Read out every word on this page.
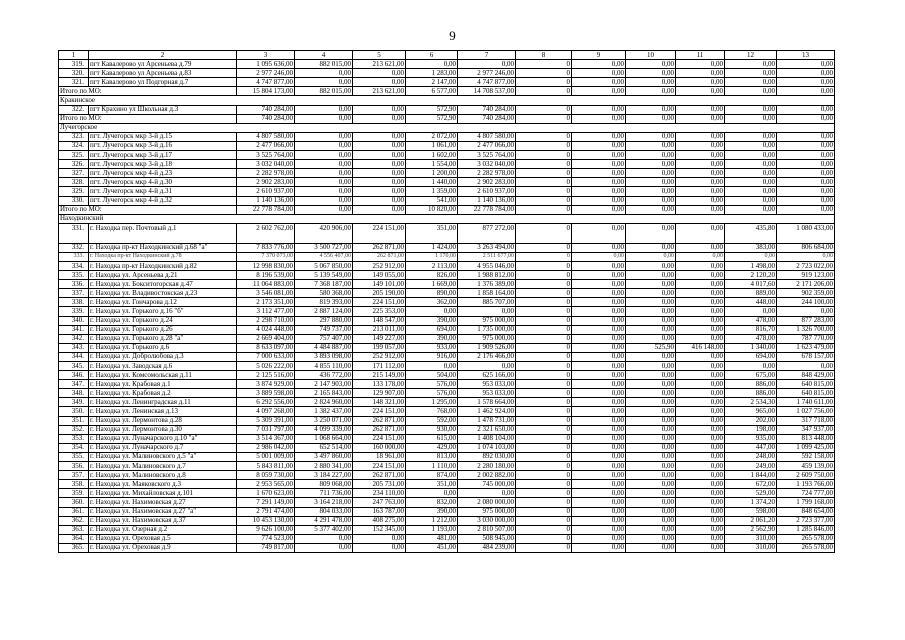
9
1	2	3	4	5	6	7	8	9	10	11	12	13
319.	пгт Кавалерово ул Арсеньева д.79	1 095 636,00	882 015,00	213 621,00	0,00	0,00	0	0,00	0,00	0,00	0,00	0,00
320.	пгт Кавалерово ул Арсеньева д.83	2 977 246,00	0,00	0,00	1 283,00	2 977 246,00	0	0,00	0,00	0,00	0,00	0,00
321.	пгт Кавалерово ул Подгорная д.7	4 747 877,00	0,00	0,00	2 147,00	4 747 877,00	0	0,00	0,00	0,00	0,00	0,00
Итого по МО:		15 804 173,00	882 015,00	213 621,00	6 577,00	14 708 537,00	0	0,00	0,00	0,00	0,00	0,00
Кракинское												
322.	пгт Крахино ул Школьная д.3	740 284,00	0,00	0,00	572,90	740 284,00	0	0,00	0,00	0,00	0,00	0,00
Итого по МО:		740 284,00	0,00	0,00	572,90	740 284,00	0	0,00	0,00	0,00	0,00	0,00
Лучегорское												
323.	пгт. Лучегорск мкр 3-й д.15	4 807 580,00	0,00	0,00	2 072,00	4 807 580,00	0	0,00	0,00	0,00	0,00	0,00
324.	пгт. Лучегорск мкр 3-й д.16	2 477 066,00	0,00	0,00	1 061,00	2 477 066,00	0	0,00	0,00	0,00	0,00	0,00
325.	пгт. Лучегорск мкр 3-й д.17	3 525 764,00	0,00	0,00	1 602,00	3 525 764,00	0	0,00	0,00	0,00	0,00	0,00
326.	пгт. Лучегорск мкр 3-й д.18	3 032 040,00	0,00	0,00	1 554,00	3 032 040,00	0	0,00	0,00	0,00	0,00	0,00
327.	пгт. Лучегорск мкр 4-й д.23	2 282 978,00	0,00	0,00	1 200,00	2 282 978,00	0	0,00	0,00	0,00	0,00	0,00
328.	пгт. Лучегорск мкр 4-й д.30	2 902 283,00	0,00	0,00	1 440,00	2 902 283,00	0	0,00	0,00	0,00	0,00	0,00
329.	пгт. Лучегорск мкр 4-й д.31	2 610 937,00	0,00	0,00	1 359,00	2 610 937,00	0	0,00	0,00	0,00	0,00	0,00
330.	пгт. Лучегорск мкр 4-й д.32	1 140 136,00	0,00	0,00	541,00	1 140 136,00	0	0,00	0,00	0,00	0,00	0,00
Итого по МО:		22 778 784,00	0,00	0,00	10 820,00	22 778 784,00	0	0,00	0,00	0,00	0,00	0,00
Находкинский												
331.	г. Находка пер. Почтовый д.1	2 602 762,00	420 906,00	224 151,00	351,00	877 272,00	0	0,00	0,00	0,00	435,80	1 080 433,00
332.	г. Находка пр-кт Находкинский д.68 "а"	7 833 776,00	3 500 727,00	262 871,00	1 424,00	3 263 494,00	0	0,00	0,00	0,00	383,00	806 684,00
333.	г. Находка пр-кт Находкинский д.78	7 370 073,00	4 556 407,00	262 871,00	1 170,00	2 511 677,00	0	0,00	0,00	0,00	0,00	0,00
334.	г. Находка пр-кт Находкинский д.82	12 998 830,00	5 067 850,00	252 912,00	2 113,00	4 955 046,00	0	0,00	0,00	0,00	1 498,00	2 723 022,00
335.	г. Находка ул. Арсеньева д.21	8 196 539,00	5 139 549,00	149 055,00	826,00	1 988 812,00	0	0,00	0,00	0,00	2 120,20	919 123,00
336.	г. Находка ул. Бокситогорская д.47	11 064 883,00	7 368 187,00	149 101,00	1 669,00	1 376 389,00	0	0,00	0,00	0,00	4 017,60	2 171 206,00
337.	г. Находка ул. Владивостокская д.23	3 546 081,00	580 368,00	205 190,00	890,00	1 858 164,00	0	0,00	0,00	0,00	889,00	902 359,00
338.	г. Находка ул. Гончарова д.12	2 173 351,00	819 393,00	224 151,00	362,00	885 707,00	0	0,00	0,00	0,00	448,00	244 100,00
339.	г. Находка ул. Горького д.16 "б"	3 112 477,00	2 887 124,00	225 353,00	0,00	0,00	0	0,00	0,00	0,00	0,00	0,00
340.	г. Находка ул. Горького д.24	2 298 710,00	297 880,00	148 547,00	390,00	975 000,00	0	0,00	0,00	0,00	478,00	877 283,00
341.	г. Находка ул. Горького д.26	4 024 448,00	749 737,00	213 011,00	694,00	1 735 000,00	0	0,00	0,00	0,00	816,70	1 326 700,00
342.	г. Находка ул. Горького д.28 "а"	2 669 404,00	757 407,00	149 227,00	390,00	975 000,00	0	0,00	0,00	0,00	478,00	787 770,00
343.	г. Находка ул. Горького д.6	8 633 097,00	4 484 887,00	199 057,00	933,00	1 909 526,00	0	0,00	525,90	416 148,00	1 340,00	1 623 479,00
344.	г. Находка ул. Добролюбова д.3	7 000 633,00	3 893 098,00	252 912,00	916,00	2 176 466,00	0	0,00	0,00	0,00	694,00	678 157,00
345.	г. Находка ул. Заводская д.6	5 026 222,00	4 855 110,00	171 112,00	0,00	0,00	0	0,00	0,00	0,00	0,00	0,00
346.	г. Находка ул. Комсомольская д.11	2 125 516,00	436 772,00	215 149,00	504,00	625 166,00	0	0,00	0,00	0,00	675,00	848 429,00
347.	г. Находка ул. Крабовая д.1	3 874 929,00	2 147 903,00	133 178,00	576,00	953 033,00	0	0,00	0,00	0,00	886,00	640 815,00
348.	г. Находка ул. Крабовая д.2	3 889 598,00	2 165 843,00	129 907,00	576,00	953 033,00	0	0,00	0,00	0,00	886,00	640 815,00
349.	г. Находка ул. Ленинградская д.11	6 292 556,00	2 824 960,00	148 321,00	1 295,00	1 578 664,00	0	0,00	0,00	0,00	2 534,30	1 740 611,00
350.	г. Находка ул. Ленинская д.13	4 097 268,00	1 382 437,00	224 151,00	768,00	1 462 924,00	0	0,00	0,00	0,00	965,00	1 027 756,00
351.	г. Находка ул. Лермонтова д.28	5 309 391,00	3 250 071,00	262 871,00	592,00	1 478 731,00	0	0,00	0,00	0,00	202,00	317 718,00
352.	г. Находка ул. Лермонтова д.30	7 031 797,00	4 099 339,00	262 871,00	930,00	2 321 650,00	0	0,00	0,00	0,00	198,00	347 937,00
353.	г. Находка ул. Луначарского д.10 "а"	3 514 367,00	1 068 664,00	224 151,00	615,00	1 408 104,00	0	0,00	0,00	0,00	935,00	813 448,00
354.	г. Находка ул. Луначарского д.7	2 986 042,00	652 514,00	160 000,00	429,00	1 074 103,00	0	0,00	0,00	0,00	447,00	1 099 425,00
355.	г. Находка ул. Малиновского д.5 "а"	5 001 009,00	3 497 860,00	18 961,00	813,00	892 030,00	0	0,00	0,00	0,00	248,00	592 158,00
356.	г. Находка ул. Малиновского д.7	5 843 811,00	2 880 341,00	224 151,00	1 110,00	2 280 180,00	0	0,00	0,00	0,00	249,00	459 139,00
357.	г. Находка ул. Малиновского д.8	8 059 730,00	3 184 227,00	262 871,00	874,00	2 002 882,00	0	0,00	0,00	0,00	1 844,00	2 609 750,00
358.	г. Находка ул. Маяковского д.3	2 953 565,00	809 068,00	205 731,00	351,00	745 000,00	0	0,00	0,00	0,00	672,00	1 193 766,00
359.	г. Находка ул. Михайловская д.101	1 670 623,00	711 736,00	234 110,00	0,00	0,00	0	0,00	0,00	0,00	529,00	724 777,00
360.	г. Находка ул. Нахимовская д.27	7 291 149,00	3 164 218,00	247 763,00	832,00	2 080 000,00	0	0,00	0,00	0,00	1 374,20	1 799 168,00
361.	г. Находка ул. Нахимовская д.27 "а"	2 791 474,00	804 033,00	163 787,00	390,00	975 000,00	0	0,00	0,00	0,00	598,00	848 654,00
362.	г. Находка ул. Нахимовская д.37	10 453 130,00	4 291 478,00	408 275,00	1 212,00	3 030 000,00	0	0,00	0,00	0,00	2 061,20	2 723 377,00
363.	г. Находка ул. Озерная д.2	9 626 100,00	5 377 402,00	152 345,00	1 193,00	2 810 507,00	0	0,00	0,00	0,00	2 562,90	1 285 846,00
364.	г. Находка ул. Ореховая д.5	774 523,00	0,00	0,00	481,00	508 945,00	0	0,00	0,00	0,00	310,00	265 578,00
365.	г. Находка ул. Ореховая д.9	749 817,00	0,00	0,00	451,00	484 239,00	0	0,00	0,00	0,00	310,00	265 578,00
